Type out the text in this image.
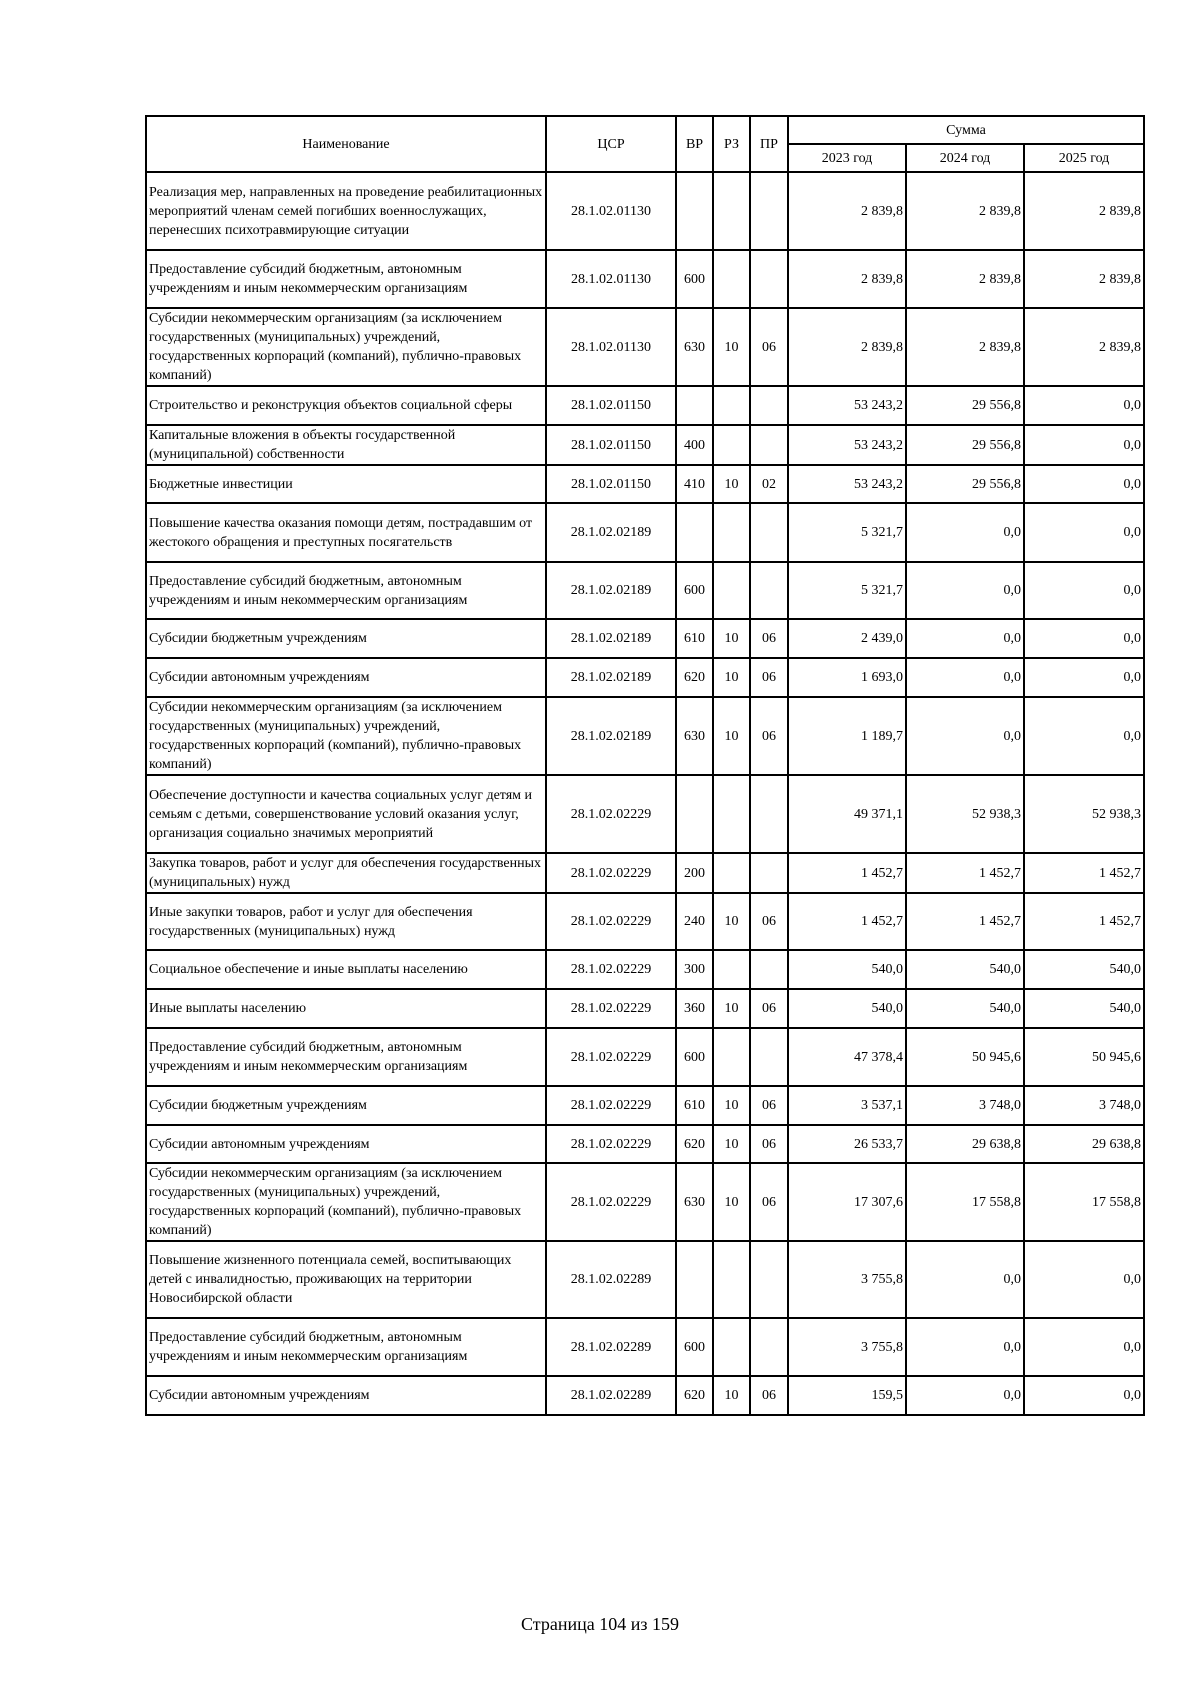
Наименование	ЦСР	ВР	РЗ	ПР	Сумма		
					2023 год	2024 год	2025 год
Реализация мер, направленных на проведение реабилитационных мероприятий членам семей погибших военнослужащих, перенесших психотравмирующие ситуации	28.1.02.01130				2 839,8	2 839,8	2 839,8
Предоставление субсидий бюджетным, автономным учреждениям и иным некоммерческим организациям	28.1.02.01130	600			2 839,8	2 839,8	2 839,8
Субсидии некоммерческим организациям (за исключением государственных (муниципальных) учреждений, государственных корпораций (компаний), публично-правовых компаний)	28.1.02.01130	630	10	06	2 839,8	2 839,8	2 839,8
Строительство и реконструкция объектов социальной сферы	28.1.02.01150				53 243,2	29 556,8	0,0
Капитальные вложения в объекты государственной (муниципальной) собственности	28.1.02.01150	400			53 243,2	29 556,8	0,0
Бюджетные инвестиции	28.1.02.01150	410	10	02	53 243,2	29 556,8	0,0
Повышение качества оказания помощи детям, пострадавшим от жестокого обращения и преступных посягательств	28.1.02.02189				5 321,7	0,0	0,0
Предоставление субсидий бюджетным, автономным учреждениям и иным некоммерческим организациям	28.1.02.02189	600			5 321,7	0,0	0,0
Субсидии бюджетным учреждениям	28.1.02.02189	610	10	06	2 439,0	0,0	0,0
Субсидии автономным учреждениям	28.1.02.02189	620	10	06	1 693,0	0,0	0,0
Субсидии некоммерческим организациям (за исключением государственных (муниципальных) учреждений, государственных корпораций (компаний), публично-правовых компаний)	28.1.02.02189	630	10	06	1 189,7	0,0	0,0
Обеспечение доступности и качества социальных услуг детям и семьям с детьми, совершенствование условий оказания услуг, организация социально значимых мероприятий	28.1.02.02229				49 371,1	52 938,3	52 938,3
Закупка товаров, работ и услуг для обеспечения государственных (муниципальных) нужд	28.1.02.02229	200			1 452,7	1 452,7	1 452,7
Иные закупки товаров, работ и услуг для обеспечения государственных (муниципальных) нужд	28.1.02.02229	240	10	06	1 452,7	1 452,7	1 452,7
Социальное обеспечение и иные выплаты населению	28.1.02.02229	300			540,0	540,0	540,0
Иные выплаты населению	28.1.02.02229	360	10	06	540,0	540,0	540,0
Предоставление субсидий бюджетным, автономным учреждениям и иным некоммерческим организациям	28.1.02.02229	600			47 378,4	50 945,6	50 945,6
Субсидии бюджетным учреждениям	28.1.02.02229	610	10	06	3 537,1	3 748,0	3 748,0
Субсидии автономным учреждениям	28.1.02.02229	620	10	06	26 533,7	29 638,8	29 638,8
Субсидии некоммерческим организациям (за исключением государственных (муниципальных) учреждений, государственных корпораций (компаний), публично-правовых компаний)	28.1.02.02229	630	10	06	17 307,6	17 558,8	17 558,8
Повышение жизненного потенциала семей, воспитывающих детей с инвалидностью, проживающих на территории Новосибирской области	28.1.02.02289				3 755,8	0,0	0,0
Предоставление субсидий бюджетным, автономным учреждениям и иным некоммерческим организациям	28.1.02.02289	600			3 755,8	0,0	0,0
Субсидии автономным учреждениям	28.1.02.02289	620	10	06	159,5	0,0	0,0
Страница 104 из 159
